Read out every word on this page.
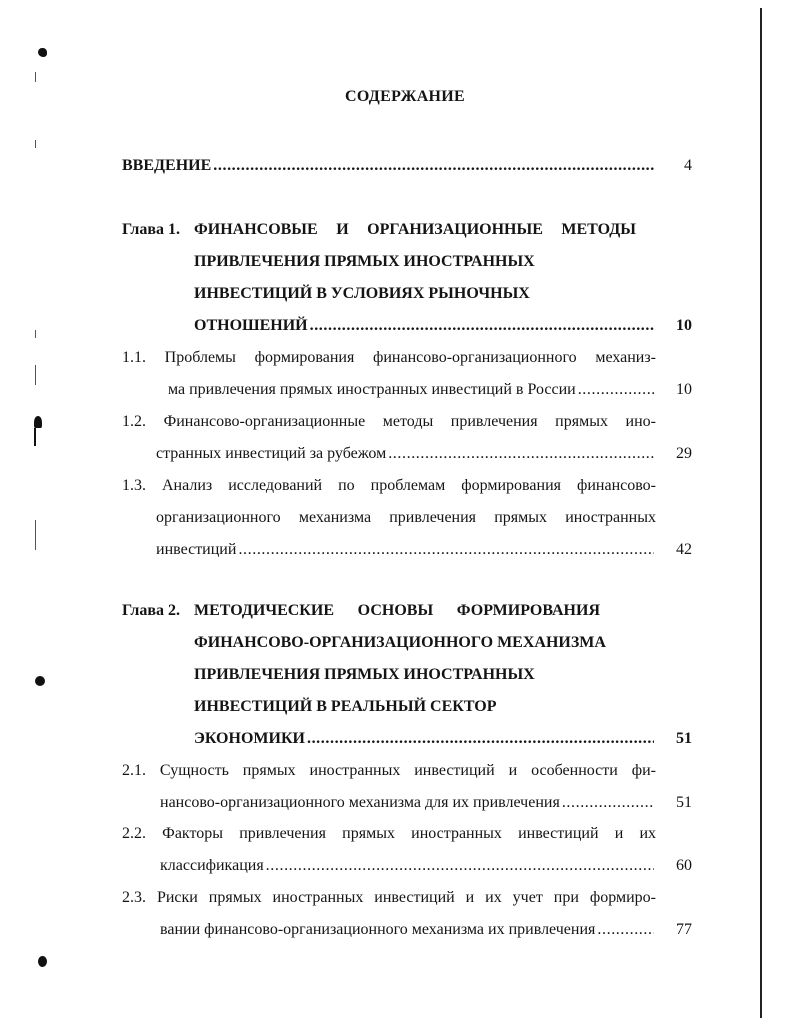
СОДЕРЖАНИЕ
ВВЕДЕНИЕ .....	4
Глава 1. ФИНАНСОВЫЕ И ОРГАНИЗАЦИОННЫЕ МЕТОДЫ
ПРИВЛЕЧЕНИЯ ПРЯМЫХ ИНОСТРАННЫХ
ИНВЕСТИЦИЙ В УСЛОВИЯХ РЫНОЧНЫХ
ОТНОШЕНИЙ .....	10
1.1. Проблемы формирования финансово-организационного механиз-
ма привлечения прямых иностранных инвестиций в России .....	10
1.2. Финансово-организационные методы привлечения прямых ино-
странных инвестиций за рубежом .....	29
1.3. Анализ исследований по проблемам формирования финансово-
организационного механизма привлечения прямых иностранных
инвестиций .....	42
Глава 2. МЕТОДИЧЕСКИЕ ОСНОВЫ ФОРМИРОВАНИЯ
ФИНАНСОВО-ОРГАНИЗАЦИОННОГО МЕХАНИЗМА
ПРИВЛЕЧЕНИЯ ПРЯМЫХ ИНОСТРАННЫХ
ИНВЕСТИЦИЙ В РЕАЛЬНЫЙ СЕКТОР
ЭКОНОМИКИ .....	51
2.1. Сущность прямых иностранных инвестиций и особенности фи-
нансово-организационного механизма для их привлечения .....	51
2.2. Факторы привлечения прямых иностранных инвестиций и их
классификация .....	60
2.3. Риски прямых иностранных инвестиций и их учет при формиро-
вании финансово-организационного механизма их привлечения .....	77
